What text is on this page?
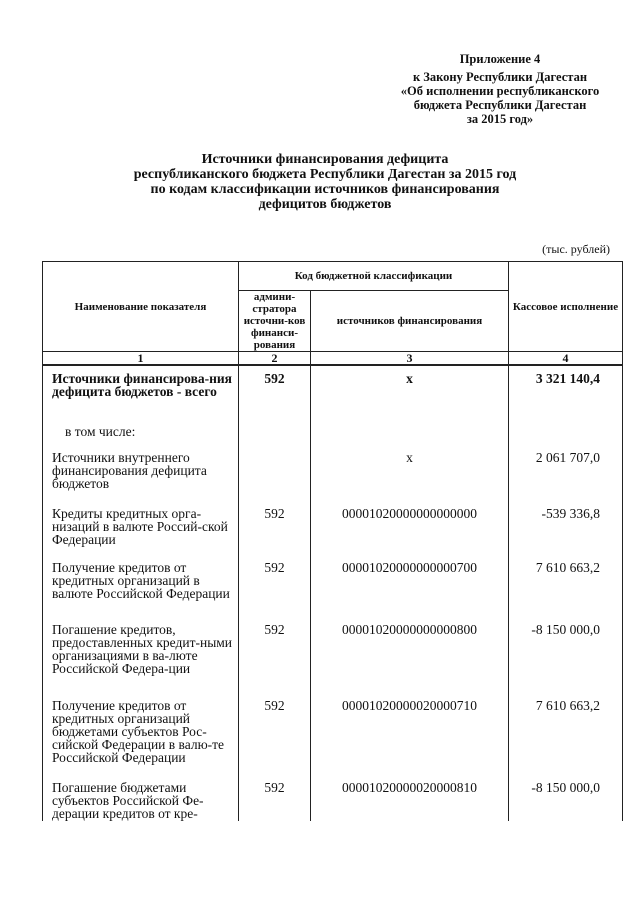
Приложение 4
к Закону Республики Дагестан
«Об исполнении республиканского
бюджета Республики Дагестан
за 2015 год»
Источники финансирования дефицита
республиканского бюджета Республики Дагестан за 2015 год
по кодам классификации источников финансирования
дефицитов бюджетов
(тыс. рублей)
Наименование показателя	Код бюджетной классификации		Кассовое исполнение
	админи-стратора источни-ков финанси-рования	источников финансирования	
1	2	3	4
Источники финансирова-ния дефицита бюджетов - всего	592	x	3 321 140,4
в том числе:			
Источники внутреннего финансирования дефицита бюджетов		x	2 061 707,0
Кредиты кредитных орга-низаций в валюте Россий-ской Федерации	592	00001020000000000000	-539 336,8
Получение кредитов от кредитных организаций в валюте Российской Федерации	592	00001020000000000700	7 610 663,2
Погашение кредитов, предоставленных кредит-ными организациями в ва-люте Российской Федера-ции	592	00001020000000000800	-8 150 000,0
Получение кредитов от кредитных организаций бюджетами субъектов Рос-сийской Федерации в валю-те Российской Федерации	592	00001020000020000710	7 610 663,2
Погашение бюджетами субъектов Российской Фе-дерации кредитов от кре-	592	00001020000020000810	-8 150 000,0
